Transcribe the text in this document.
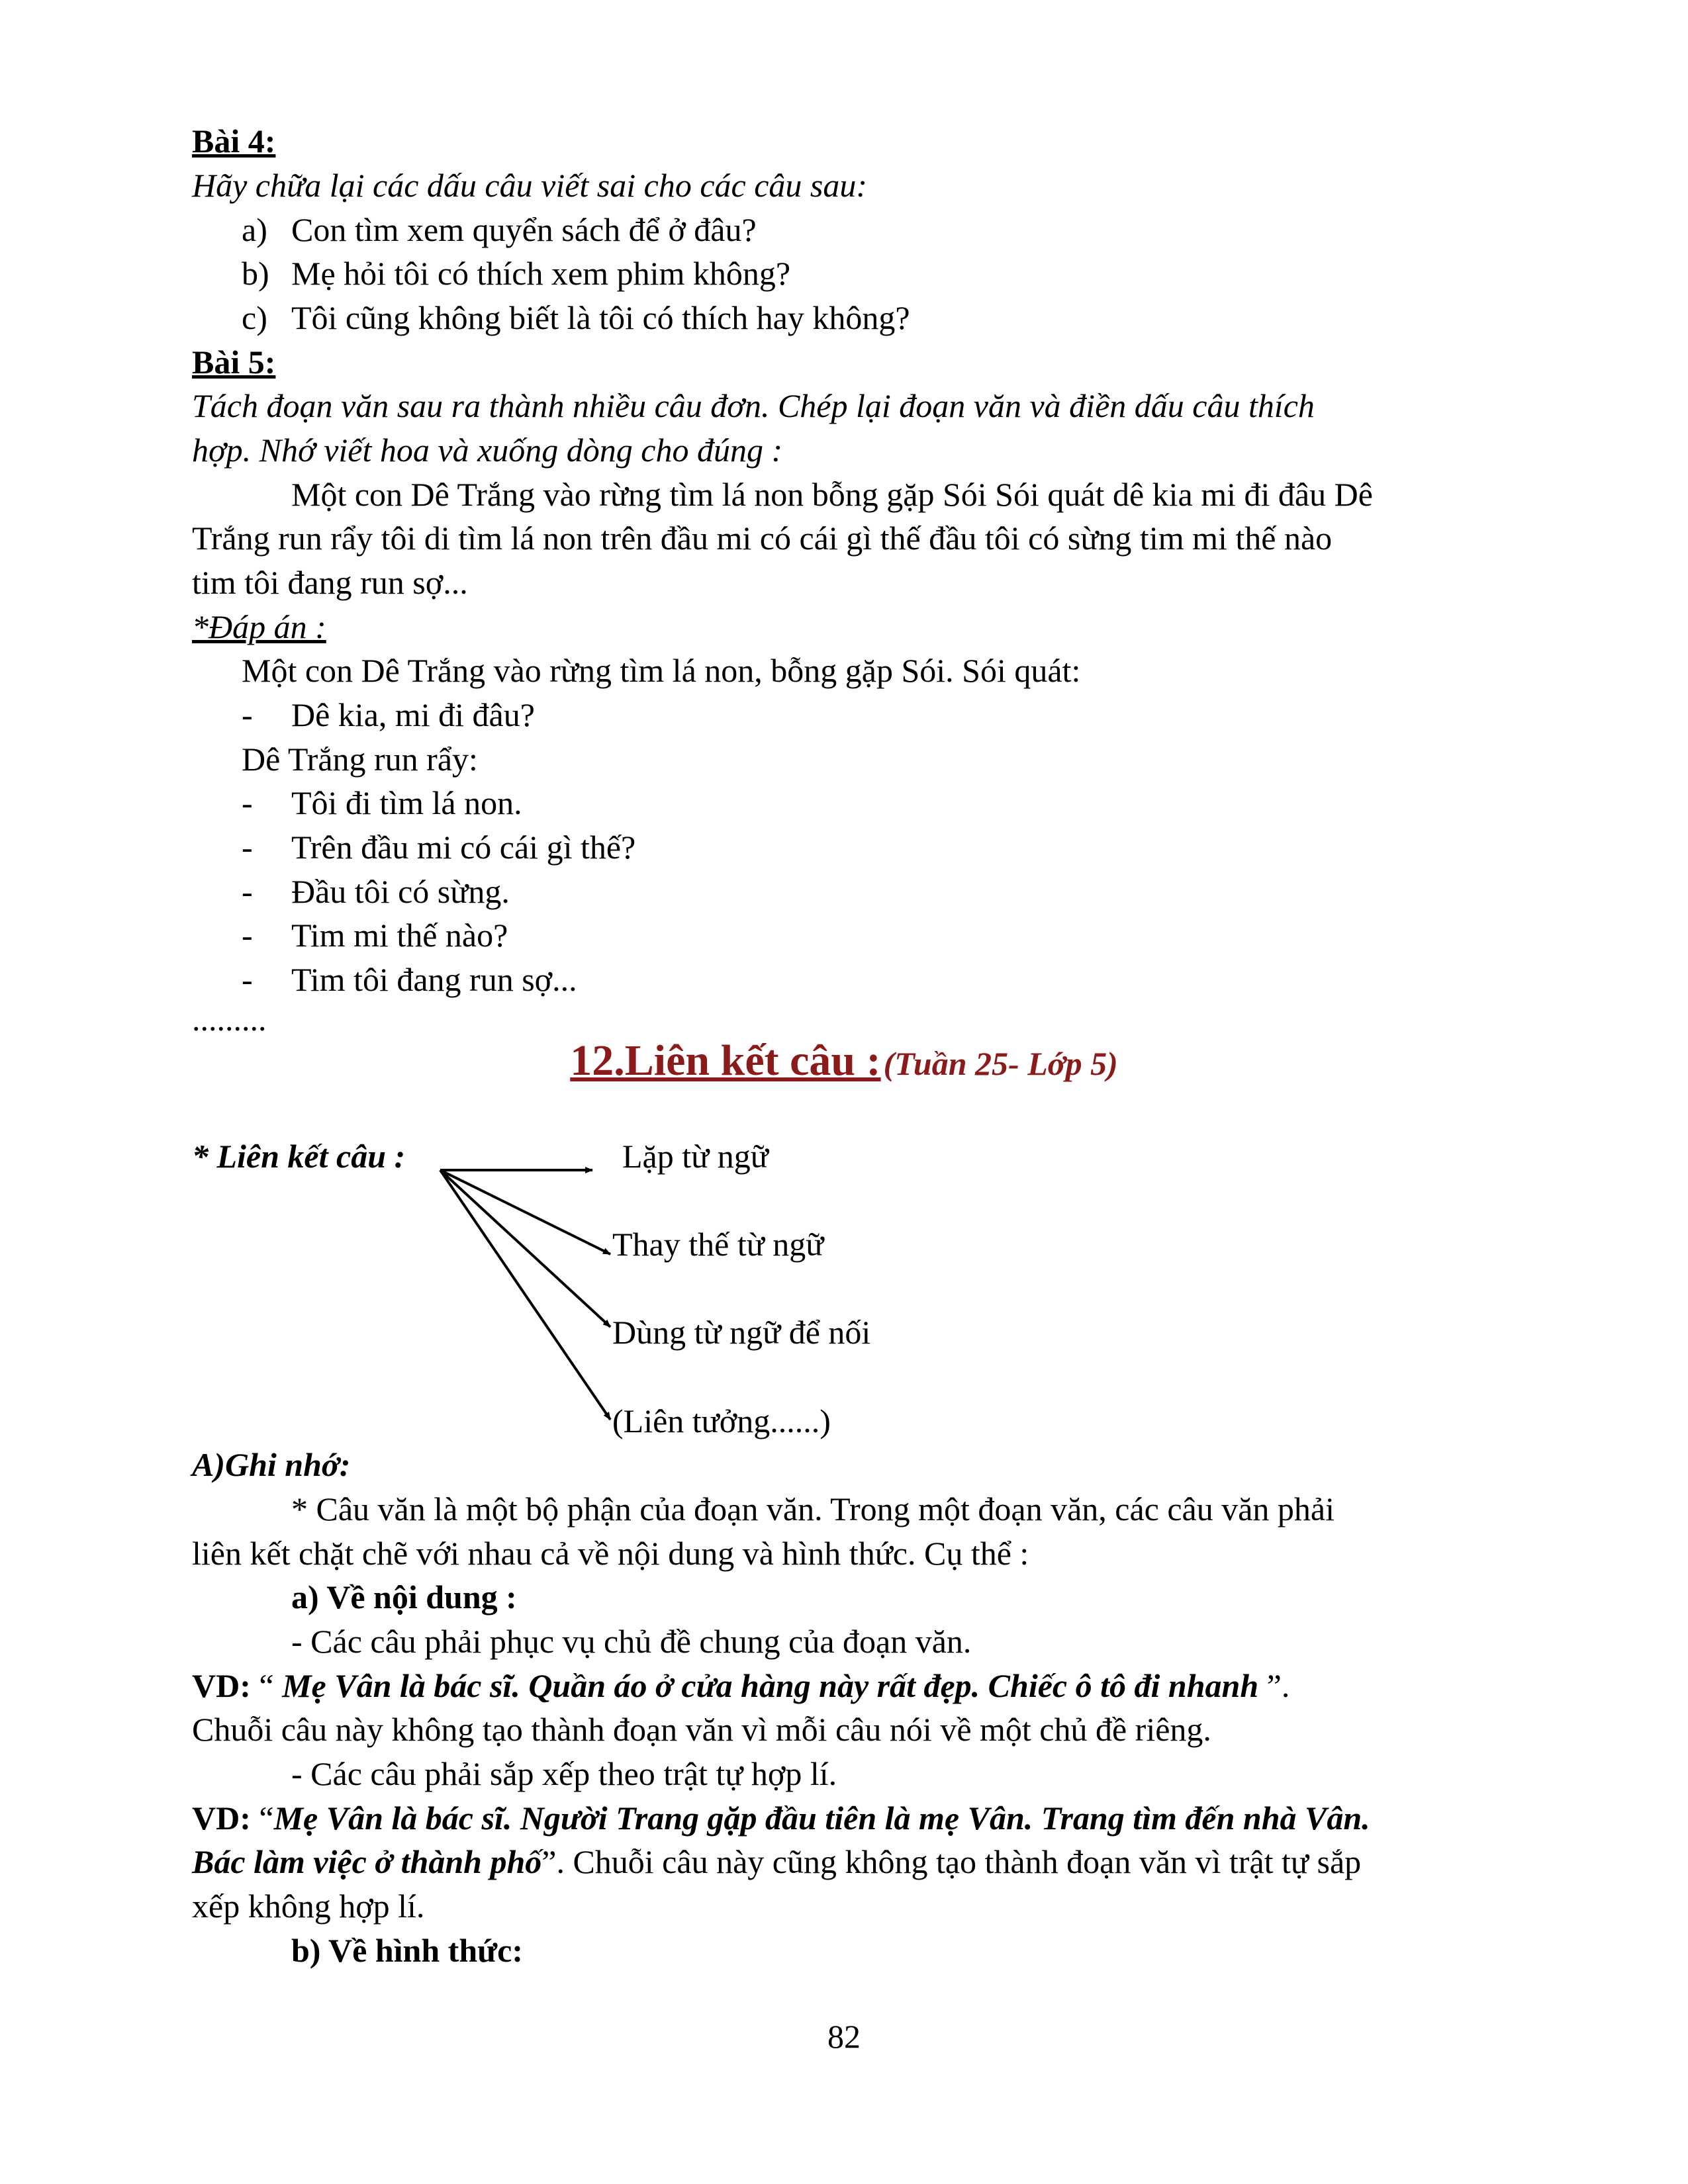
Bài 4:
Hãy chữa lại các dấu câu viết sai cho các câu sau:
a) Con tìm xem quyển sách để ở đâu?
b) Mẹ hỏi tôi có thích xem phim không?
c) Tôi cũng không biết là tôi có thích hay không?
Bài 5:
Tách đoạn văn sau ra thành nhiều câu đơn. Chép lại đoạn văn và điền dấu câu thích
hợp. Nhớ viết hoa và xuống dòng cho đúng :
Một con Dê Trắng vào rừng tìm lá non bỗng gặp Sói Sói quát dê kia mi đi đâu Dê
Trắng run rẩy tôi di tìm lá non trên đầu mi có cái gì thế đầu tôi có sừng tim mi thế nào
tim tôi đang run sợ...
*Đáp án :
Một con Dê Trắng vào rừng tìm lá non, bỗng gặp Sói. Sói quát:
- Dê kia, mi đi đâu?
Dê Trắng run rẩy:
- Tôi đi tìm lá non.
- Trên đầu mi có cái gì thế?
- Đầu tôi có sừng.
- Tim mi thế nào?
- Tim tôi đang run sợ...
.........
12.Liên kết câu : (Tuần 25- Lớp 5)
* Liên kết câu :	Lặp từ ngữ
Thay thế từ ngữ
Dùng từ ngữ để nối
(Liên tưởng......)
A)Ghi nhớ:
* Câu văn là một bộ phận của đoạn văn. Trong một đoạn văn, các câu văn phải
liên kết chặt chẽ với nhau cả về nội dung và hình thức. Cụ thể :
a) Về nội dung :
- Các câu phải phục vụ chủ đề chung của đoạn văn.
VD: “ Mẹ Vân là bác sĩ. Quần áo ở cửa hàng này rất đẹp. Chiếc ô tô đi nhanh ”.
Chuỗi câu này không tạo thành đoạn văn vì mỗi câu nói về một chủ đề riêng.
- Các câu phải sắp xếp theo trật tự hợp lí.
VD: “Mẹ Vân là bác sĩ. Người Trang gặp đầu tiên là mẹ Vân. Trang tìm đến nhà Vân.
Bác làm việc ở thành phố”. Chuỗi câu này cũng không tạo thành đoạn văn vì trật tự sắp
xếp không hợp lí.
b) Về hình thức:
82
